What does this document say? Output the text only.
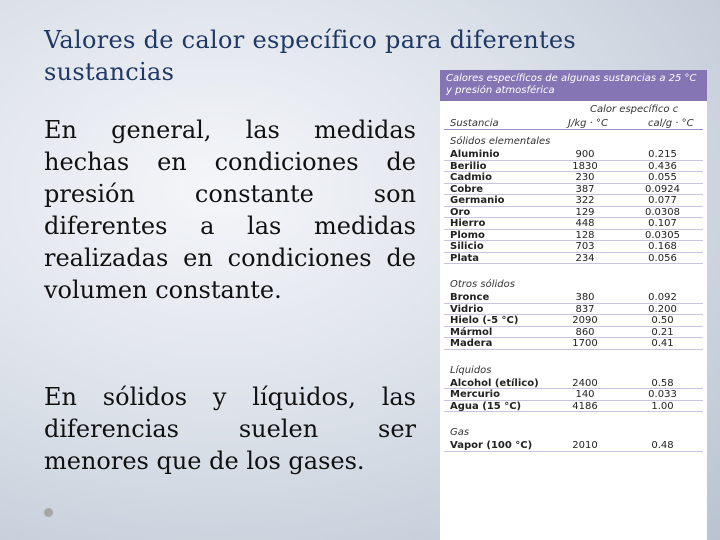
Valores de calor específico para diferentes sustancias
En general, las medidas hechas en condiciones de presión constante son diferentes a las medidas realizadas en condiciones de volumen constante.
En sólidos y líquidos, las diferencias suelen ser menores que de los gases.
Calores específicos de algunas sustancias a 25 °C y presión atmosférica
Calor específico c
Sustancia	J/kg · °C	cal/g · °C
Sólidos elementales
Aluminio	900	0.215
Berilio	1830	0.436
Cadmio	230	0.055
Cobre	387	0.0924
Germanio	322	0.077
Oro	129	0.0308
Hierro	448	0.107
Plomo	128	0.0305
Silicio	703	0.168
Plata	234	0.056
Otros sólidos
Bronce	380	0.092
Vidrio	837	0.200
Hielo (-5 °C)	2090	0.50
Mármol	860	0.21
Madera	1700	0.41
Líquidos
Alcohol (etílico)	2400	0.58
Mercurio	140	0.033
Agua (15 °C)	4186	1.00
Gas
Vapor (100 °C)	2010	0.48
